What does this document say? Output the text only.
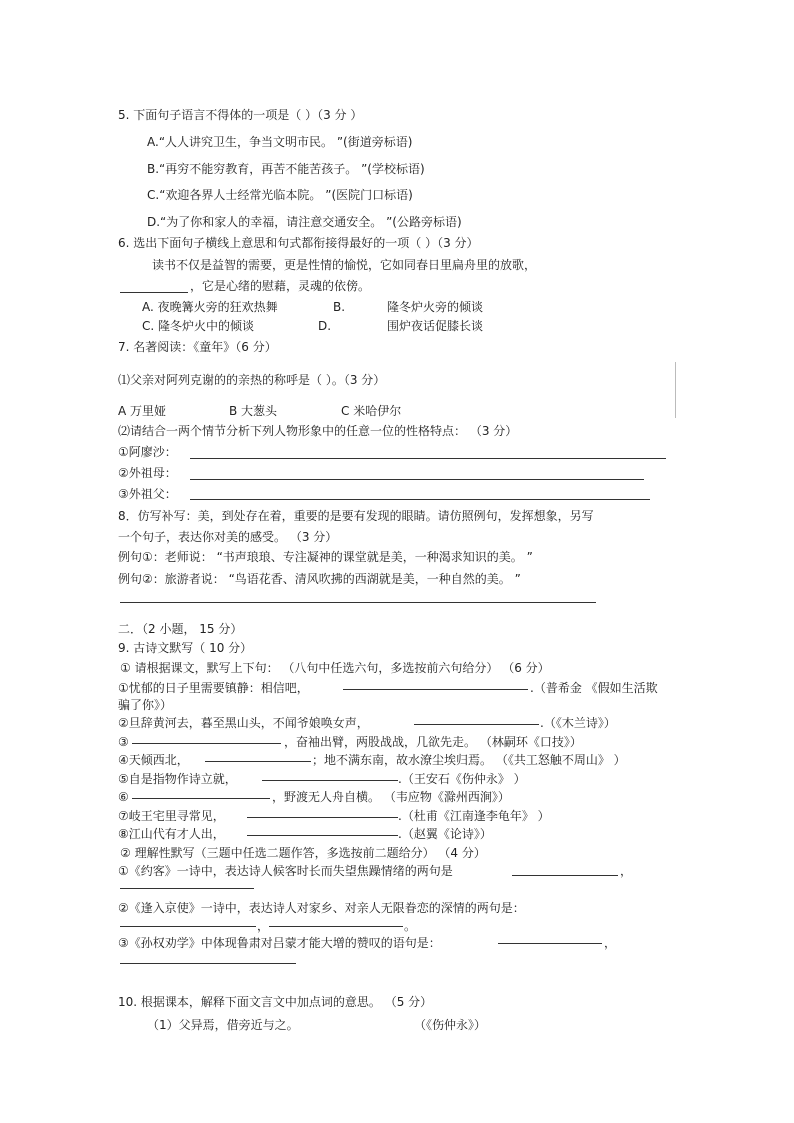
5. 下面句子语言不得体的一项是（ ）（3 分 ）
A.“人人讲究卫生，争当文明市民。 ”(街道旁标语)
B.“再穷不能穷教育，再苦不能苦孩子。 ”(学校标语)
C.“欢迎各界人士经常光临本院。 ”(医院门口标语)
D.“为了你和家人的幸福，请注意交通安全。 ”(公路旁标语)
6. 选出下面句子横线上意思和句式都衔接得最好的一项（ ）（3 分）
读书不仅是益智的需要，更是性情的愉悦，它如同春日里扁舟里的放歌，
，它是心绪的慰藉，灵魂的依傍。
A. 夜晚篝火旁的狂欢热舞	B.	隆冬炉火旁的倾谈
C. 隆冬炉火中的倾谈	D.	围炉夜话促膝长谈
7. 名著阅读：《童年》（6 分）
⑴父亲对阿列克谢的的亲热的称呼是（ ）。（3 分）
A 万里娅	B 大葱头	C 米哈伊尔
⑵请结合一两个情节分析下列人物形象中的任意一位的性格特点： （3 分）
①阿廖沙：
②外祖母：
③外祖父：
8．仿写补写：美，到处存在着，重要的是要有发现的眼睛。请仿照例句，发挥想象，另写
一个句子，表达你对美的感受。 （3 分）
例句①：老师说： “书声琅琅、专注凝神的课堂就是美，一种渴求知识的美。 ”
例句②：旅游者说： “鸟语花香、清风吹拂的西湖就是美，一种自然的美。 ”
二．（2 小题， 15 分）
9. 古诗文默写（ 10 分）
① 请根据课文，默写上下句： （八句中任选六句，多选按前六句给分） （6 分）
①忧郁的日子里需要镇静：相信吧，	.（普希金 《假如生活欺
骗了你》）
②旦辞黄河去，暮至黑山头，不闻爷娘唤女声，	.（《木兰诗》）
③	，奋袖出臂，两股战战，几欲先走。 （林嗣环《口技》）
④天倾西北，	；地不满东南，故水潦尘埃归焉。 （《共工怒触不周山》 ）
⑤自是指物作诗立就，	.（王安石《伤仲永》 ）
⑥	，野渡无人舟自横。 （韦应物《滁州西涧》）
⑦岐王宅里寻常见，	.（杜甫《江南逢李龟年》 ）
⑧江山代有才人出，	.（赵翼《论诗》）
② 理解性默写（三题中任选二题作答，多选按前二题给分） （4 分）
①《约客》一诗中，表达诗人候客时长而失望焦躁情绪的两句是	，
②《逢入京使》一诗中，表达诗人对家乡、对亲人无限眷恋的深情的两句是：
，	。
③《孙权劝学》中体现鲁肃对吕蒙才能大增的赞叹的语句是：	，
10. 根据课本，解释下面文言文中加点词的意思。 （5 分）
（1）父异焉，借旁近与之。	（《伤仲永》）
